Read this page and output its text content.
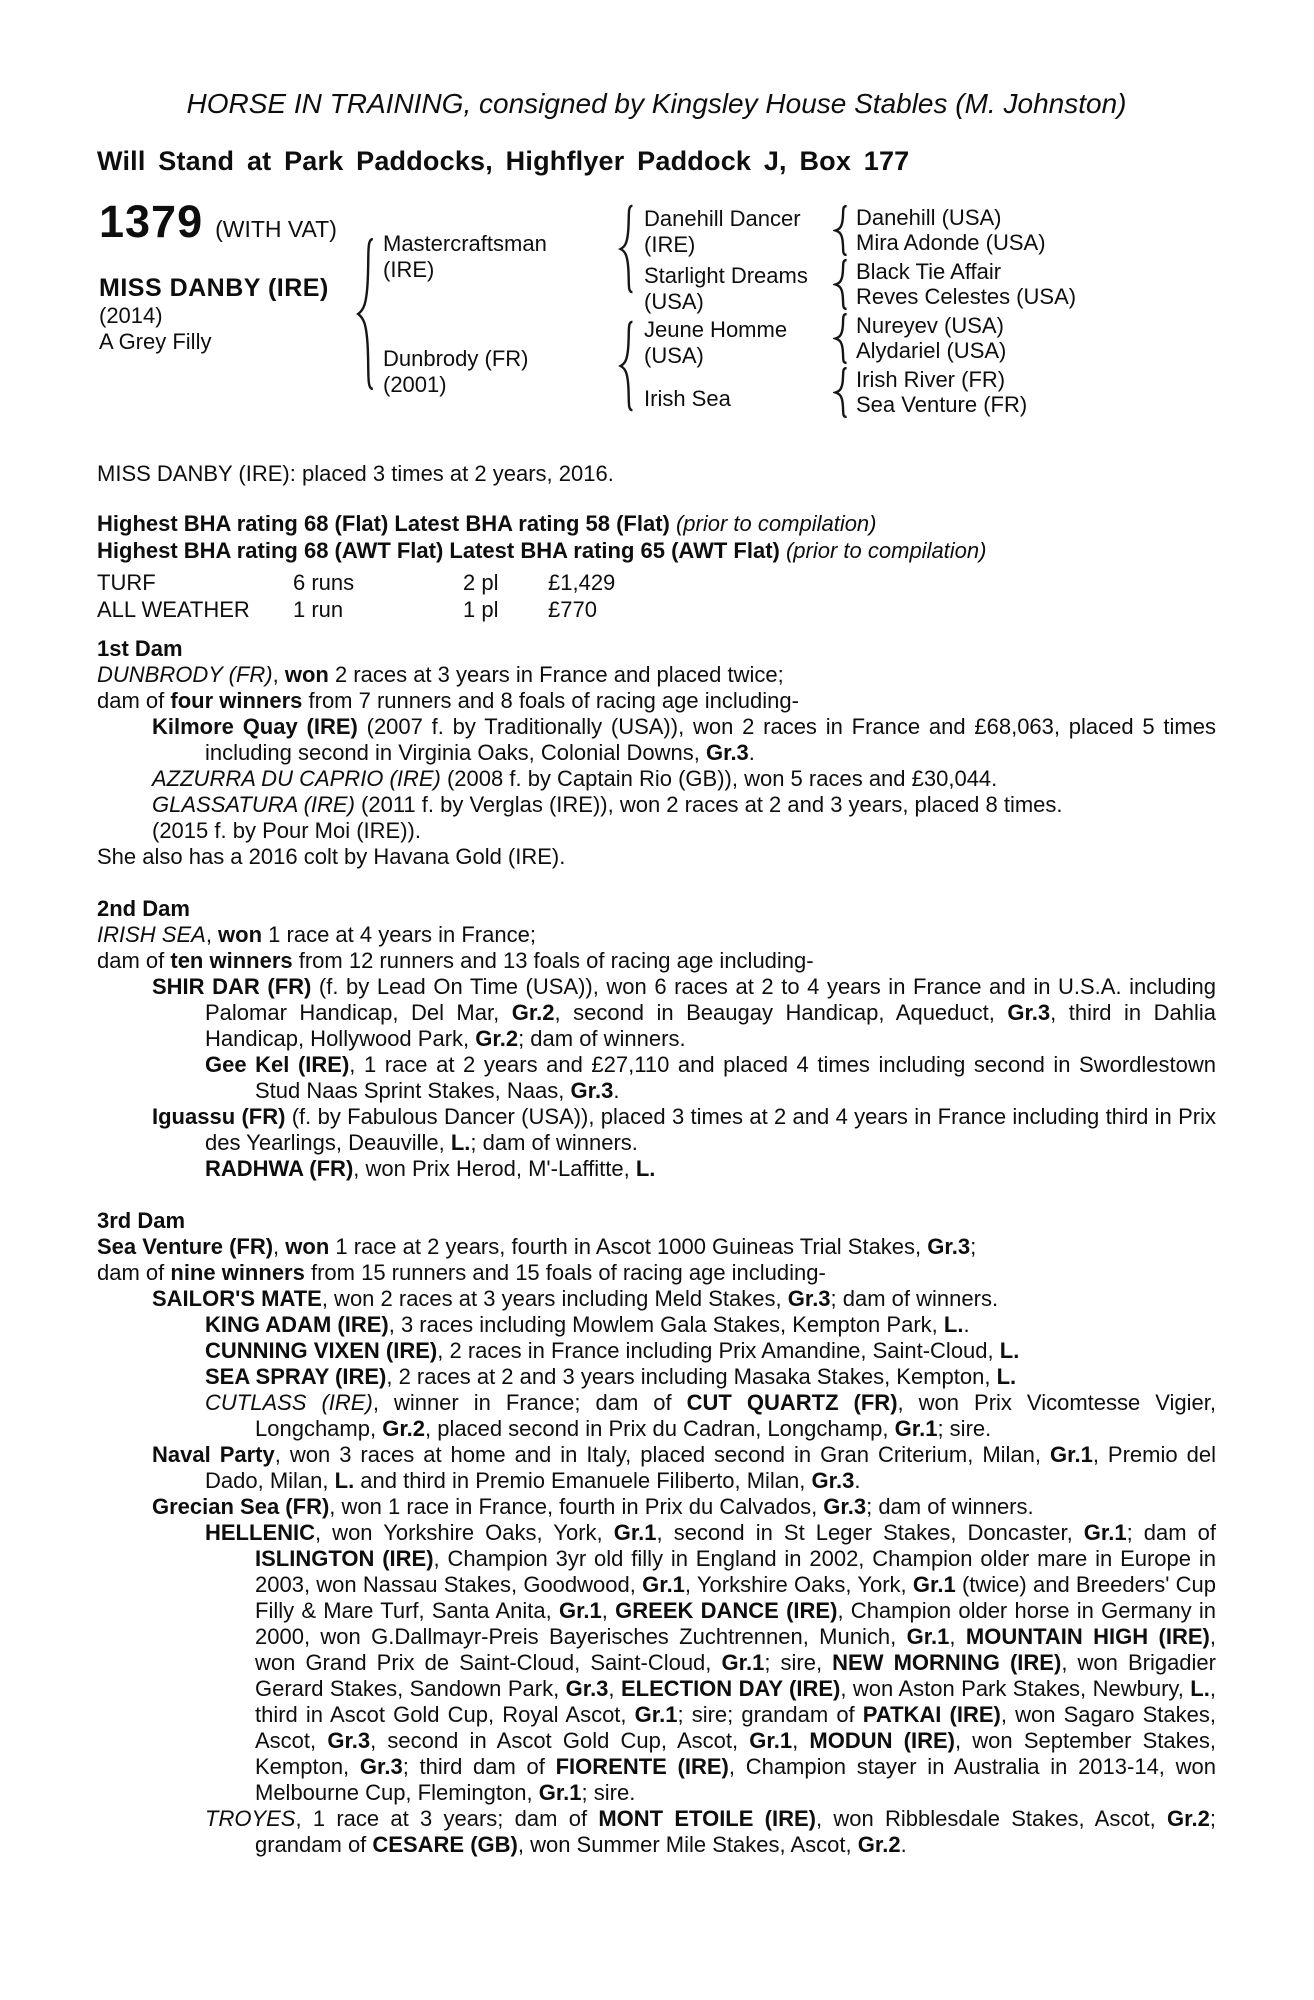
HORSE IN TRAINING, consigned by Kingsley House Stables (M. Johnston)
Will Stand at Park Paddocks, Highflyer Paddock J, Box 177
1379 (WITH VAT)
MISS DANBY (IRE)
(2014)
A Grey Filly
Mastercraftsman
(IRE)
Dunbrody (FR)
(2001)
Danehill Dancer
(IRE)
Starlight Dreams
(USA)
Jeune Homme
(USA)
Irish Sea
Danehill (USA)
Mira Adonde (USA)
Black Tie Affair
Reves Celestes (USA)
Nureyev (USA)
Alydariel (USA)
Irish River (FR)
Sea Venture (FR)
MISS DANBY (IRE): placed 3 times at 2 years, 2016.

Highest BHA rating 68 (Flat) Latest BHA rating 58 (Flat) (prior to compilation)

Highest BHA rating 68 (AWT Flat) Latest BHA rating 65 (AWT Flat) (prior to compilation)

TURF	6 runs	2 pl	£1,429
ALL WEATHER	1 run	1 pl	£770
1st Dam

DUNBRODY (FR), won 2 races at 3 years in France and placed twice;

dam of four winners from 7 runners and 8 foals of racing age including-

Kilmore Quay (IRE) (2007 f. by Traditionally (USA)), won 2 races in France and £68,063, placed 5 times including second in Virginia Oaks, Colonial Downs, Gr.3.

AZZURRA DU CAPRIO (IRE) (2008 f. by Captain Rio (GB)), won 5 races and £30,044.

GLASSATURA (IRE) (2011 f. by Verglas (IRE)), won 2 races at 2 and 3 years, placed 8 times.

(2015 f. by Pour Moi (IRE)).

She also has a 2016 colt by Havana Gold (IRE).

2nd Dam

IRISH SEA, won 1 race at 4 years in France;

dam of ten winners from 12 runners and 13 foals of racing age including-

SHIR DAR (FR) (f. by Lead On Time (USA)), won 6 races at 2 to 4 years in France and in U.S.A. including Palomar Handicap, Del Mar, Gr.2, second in Beaugay Handicap, Aqueduct, Gr.3, third in Dahlia Handicap, Hollywood Park, Gr.2; dam of winners.

Gee Kel (IRE), 1 race at 2 years and £27,110 and placed 4 times including second in Swordlestown Stud Naas Sprint Stakes, Naas, Gr.3.

Iguassu (FR) (f. by Fabulous Dancer (USA)), placed 3 times at 2 and 4 years in France including third in Prix des Yearlings, Deauville, L.; dam of winners.

RADHWA (FR), won Prix Herod, M'-Laffitte, L.

3rd Dam

Sea Venture (FR), won 1 race at 2 years, fourth in Ascot 1000 Guineas Trial Stakes, Gr.3;

dam of nine winners from 15 runners and 15 foals of racing age including-

SAILOR'S MATE, won 2 races at 3 years including Meld Stakes, Gr.3; dam of winners.

KING ADAM (IRE), 3 races including Mowlem Gala Stakes, Kempton Park, L..

CUNNING VIXEN (IRE), 2 races in France including Prix Amandine, Saint-Cloud, L.

SEA SPRAY (IRE), 2 races at 2 and 3 years including Masaka Stakes, Kempton, L.

CUTLASS (IRE), winner in France; dam of CUT QUARTZ (FR), won Prix Vicomtesse Vigier, Longchamp, Gr.2, placed second in Prix du Cadran, Longchamp, Gr.1; sire.

Naval Party, won 3 races at home and in Italy, placed second in Gran Criterium, Milan, Gr.1, Premio del Dado, Milan, L. and third in Premio Emanuele Filiberto, Milan, Gr.3.

Grecian Sea (FR), won 1 race in France, fourth in Prix du Calvados, Gr.3; dam of winners.

HELLENIC, won Yorkshire Oaks, York, Gr.1, second in St Leger Stakes, Doncaster, Gr.1; dam of ISLINGTON (IRE), Champion 3yr old filly in England in 2002, Champion older mare in Europe in 2003, won Nassau Stakes, Goodwood, Gr.1, Yorkshire Oaks, York, Gr.1 (twice) and Breeders' Cup Filly & Mare Turf, Santa Anita, Gr.1, GREEK DANCE (IRE), Champion older horse in Germany in 2000, won G.Dallmayr-Preis Bayerisches Zuchtrennen, Munich, Gr.1, MOUNTAIN HIGH (IRE), won Grand Prix de Saint-Cloud, Saint-Cloud, Gr.1; sire, NEW MORNING (IRE), won Brigadier Gerard Stakes, Sandown Park, Gr.3, ELECTION DAY (IRE), won Aston Park Stakes, Newbury, L., third in Ascot Gold Cup, Royal Ascot, Gr.1; sire; grandam of PATKAI (IRE), won Sagaro Stakes, Ascot, Gr.3, second in Ascot Gold Cup, Ascot, Gr.1, MODUN (IRE), won September Stakes, Kempton, Gr.3; third dam of FIORENTE (IRE), Champion stayer in Australia in 2013-14, won Melbourne Cup, Flemington, Gr.1; sire.

TROYES, 1 race at 3 years; dam of MONT ETOILE (IRE), won Ribblesdale Stakes, Ascot, Gr.2; grandam of CESARE (GB), won Summer Mile Stakes, Ascot, Gr.2.
